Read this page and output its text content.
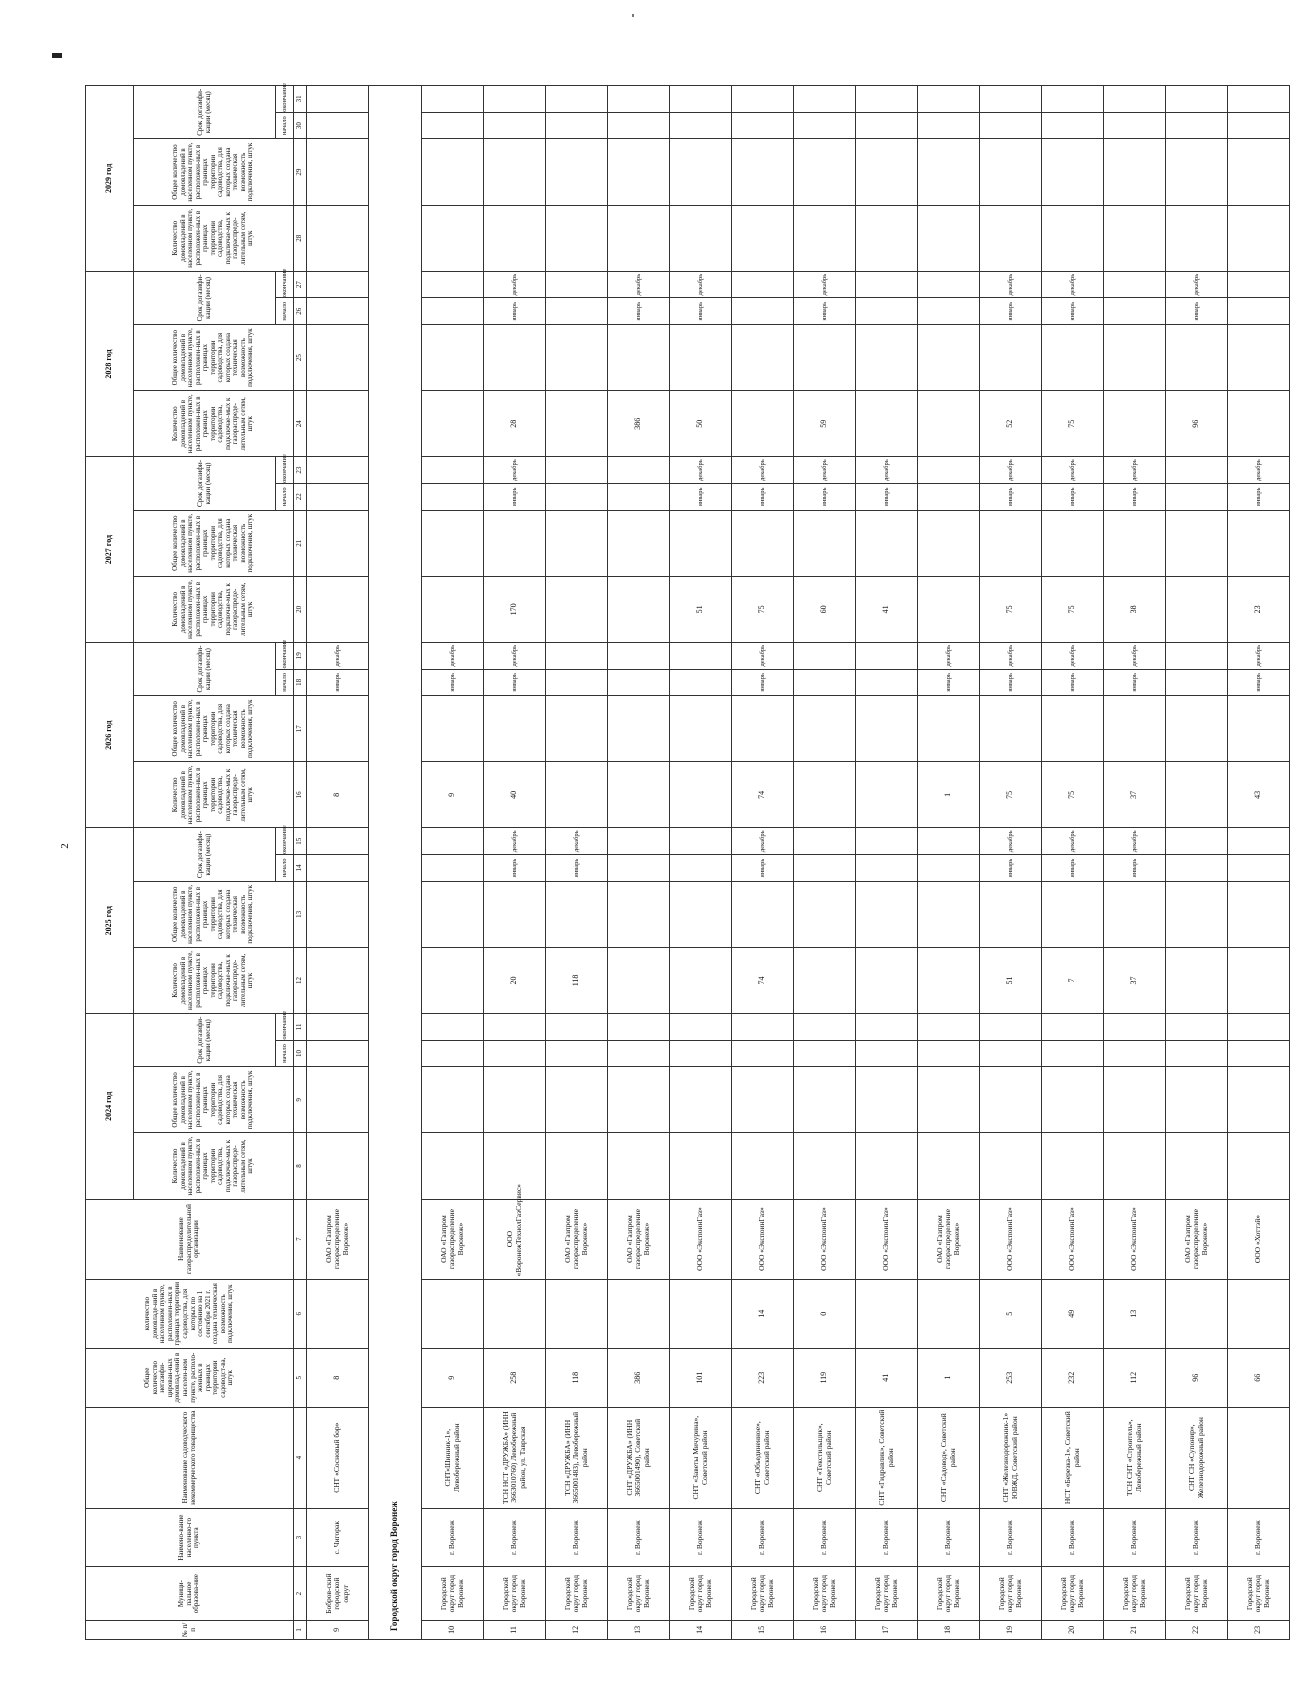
2
№ п/п	Муници-пальное образова-ние	Наимено-вание населенно-го пункта	Наименование садоводческого некоммерческого товарищества	Общее количество негазифи-цирован-ных домовлад-ений в населен-ном пункте, располо-женных в границах территории садоводст-ва, штук	количество домовладе-ний в населенном пункте, расположен-ных в границах территории садоводства, для которых по состоянию на 1 сентября 2021 г. создана техническая возможность подключения, штук	Наименование газораспределительной организации	2024 год				2025 год				2026 год				2027 год				2028 год				2029 год			
							Количество домовладений в населенном пункте, расположен-ных в границах территории садоводства, подключае-мых к газораспреде-лительным сетям, штук	Общее количество домовладений в населенном пункте, расположен-ных в границах территории садоводства, для которых создана техническая возможность подключения, штук	Срок догазифи-кации (месяц)		Количество домовладений в населенном пункте, расположен-ных в границах территории садоводства, подключае-мых к газораспреде-лительным сетям, штук	Общее количество домовладений в населенном пункте, расположен-ных в границах территории садоводства, для которых создана техническая возможность подключения, штук	Срок догазифи-кации (месяц)		Количество домовладений в населенном пункте, расположен-ных в границах территории садоводства, подключае-мых к газораспреде-лительным сетям, штук	Общее количество домовладений в населенном пункте, расположен-ных в границах территории садоводства, для которых создана техническая возможность подключения, штук	Срок догазифи-кации (месяц)		Количество домовладений в населенном пункте, расположен-ных в границах территории садоводства, подключае-мых к газораспреде-лительным сетям, штук	Общее количество домовладений в населенном пункте, расположен-ных в границах территории садоводства, для которых создана техническая возможность подключения, штук	Срок догазифи-кации (месяц)		Количество домовладений в населенном пункте, расположен-ных в границах территории садоводства, подключае-мых к газораспреде-лительным сетям, штук	Общее количество домовладений в населенном пункте, расположен-ных в границах территории садоводства, для которых создана техническая возможность подключения, штук	Срок догазифи-кации (месяц)		Количество домовладений в населенном пункте, расположен-ных в границах территории садоводства, подключае-мых к газораспреде-лительным сетям, штук	Общее количество домовладений в населенном пункте, расположен-ных в границах территории садоводства, для которых создана техническая возможность подключения, штук	Срок догазифи-кации (месяц)	
									начало	окончание			начало	окончание			начало	окончание			начало	окончание			начало	окончание			начало	окончание
1	2	3	4	5	6	7	8	9	10	11	12	13	14	15	16	17	18	19	20	21	22	23	24	25	26	27	28	29	30	31
9	Бобров-ский городской округ	с. Чигорак	СНТ «Сосновый бор»	8		ОАО «Газпром газораспределение Воронеж»									8		январь	декабрь												
Городской округ город Воронеж																														
10	Городской округ город Воронеж	г. Воронеж	СНТ«Шинник-1», Левобережный район	9		ОАО «Газпром газораспределение Воронеж»									9		январь	декабрь												
11	Городской округ город Воронеж	г. Воронеж	ТСН НСТ «ДРУЖБА» (ИНН 3663010760) Левобережный район, ул. Таврская	258		ООО «ВоронежТехнолГазСервис»					20		январь	декабрь	40		январь	декабрь	170		январь	декабрь	28		январь	декабрь				
12	Городской округ город Воронеж	г. Воронеж	ТСН «ДРУЖБА» (ИНН 3665001483), Левобережный район	118		ОАО «Газпром газораспределение Воронеж»					118		январь	декабрь																
13	Городской округ город Воронеж	г. Воронеж	СНТ «ДРУЖБА» (ИНН 3665001490), Советский район	386		ОАО «Газпром газораспределение Воронеж»																	386		январь	декабрь				
14	Городской округ город Воронеж	г. Воронеж	СНТ «Заветы Мичурина», Советский район	101		ООО «ЭкспоинГаз»													51		январь	декабрь	50		январь	декабрь				
15	Городской округ город Воронеж	г. Воронеж	СНТ «Объединенное», Советский район	223	14	ООО «ЭкспоинГаз»					74		январь	декабрь	74		январь	декабрь	75		январь	декабрь								
16	Городской округ город Воронеж	г. Воронеж	СНТ «Текстильщик», Советский район	119	0	ООО «ЭкспоинГаз»													60		январь	декабрь	59		январь	декабрь				
17	Городской округ город Воронеж	г. Воронеж	СНТ «Гидравлик», Советский район	41		ООО «ЭкспоинГаз»													41		январь	декабрь								
18	Городской округ город Воронеж	г. Воронеж	СНТ «Садовод», Советский район	1		ОАО «Газпром газораспределение Воронеж»									1		январь	декабрь												
19	Городской округ город Воронеж	г. Воронеж	СНТ «Железнодорожник-1» ЮВЖД, Советский район	253	5	ООО «ЭкспоинГаз»					51		январь	декабрь	75		январь	декабрь	75		январь	декабрь	52		январь	декабрь				
20	Городской округ город Воронеж	г. Воронеж	НСТ «Березка-1», Советский район	232	49	ООО «ЭкспоинГаз»					7		январь	декабрь	75		январь	декабрь	75		январь	декабрь	75		январь	декабрь				
21	Городской округ город Воронеж	г. Воронеж	ТСН СНТ «Строитель», Левобережный район	112	13	ООО «ЭкспоинГаз»					37		январь	декабрь	37		январь	декабрь	38		январь	декабрь								
22	Городской округ город Воронеж	г. Воронеж	СНТ СН «Супонир», Железнодорожный район	96		ОАО «Газпром газораспределение Воронеж»																	96		январь	декабрь				
23	Городской округ город Воронеж	г. Воронеж		66		ООО «Хоттэй»									43		январь	декабрь	23		январь	декабрь								
